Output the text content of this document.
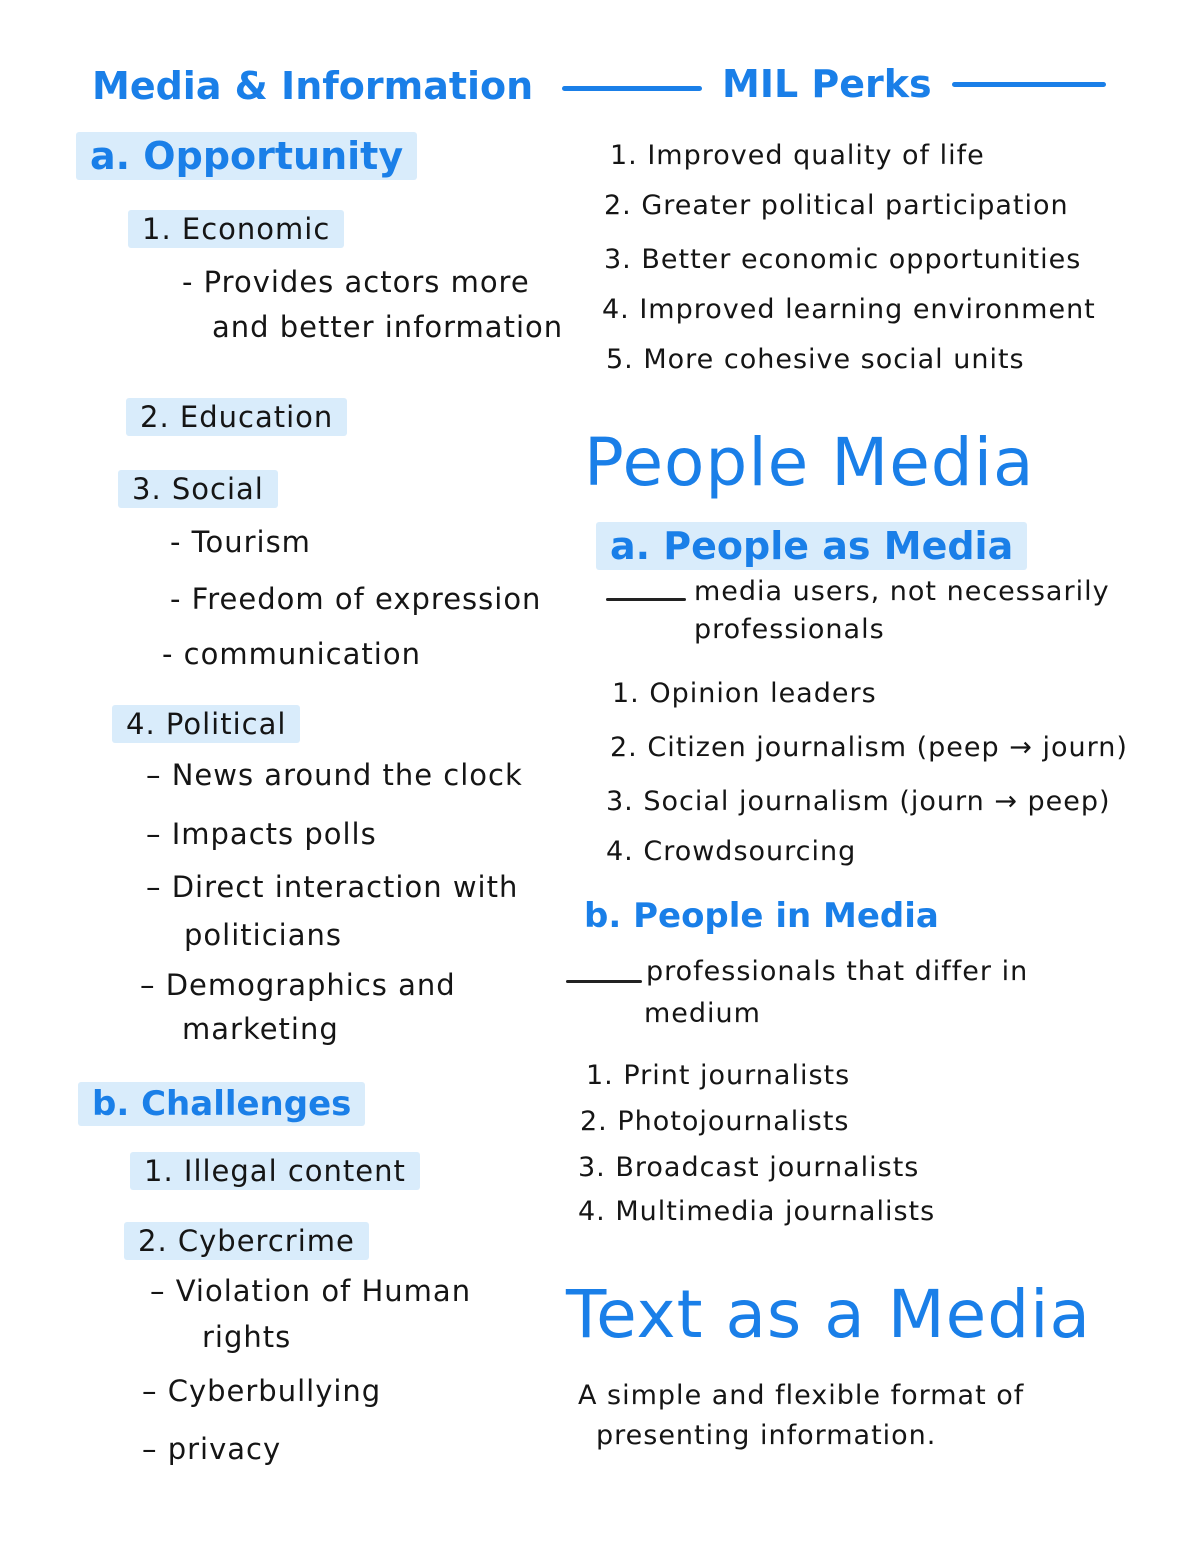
Media & Information
a. Opportunity
1. Economic
- Provides actors more
and better information
2. Education
3. Social
- Tourism
- Freedom of expression
- communication
4. Political
– News around the clock
– Impacts polls
– Direct interaction with
politicians
– Demographics and
marketing
b. Challenges
1. Illegal content
2. Cybercrime
– Violation of Human
rights
– Cyberbullying
– privacy
MIL Perks
1. Improved quality of life
2. Greater political participation
3. Better economic opportunities
4. Improved learning environment
5. More cohesive social units
People Media
a. People as Media
media users, not necessarily
professionals
1. Opinion leaders
2. Citizen journalism (peep → journ)
3. Social journalism (journ → peep)
4. Crowdsourcing
b. People in Media
professionals that differ in
medium
1. Print journalists
2. Photojournalists
3. Broadcast journalists
4. Multimedia journalists
Text as a Media
A simple and flexible format of
presenting information.
